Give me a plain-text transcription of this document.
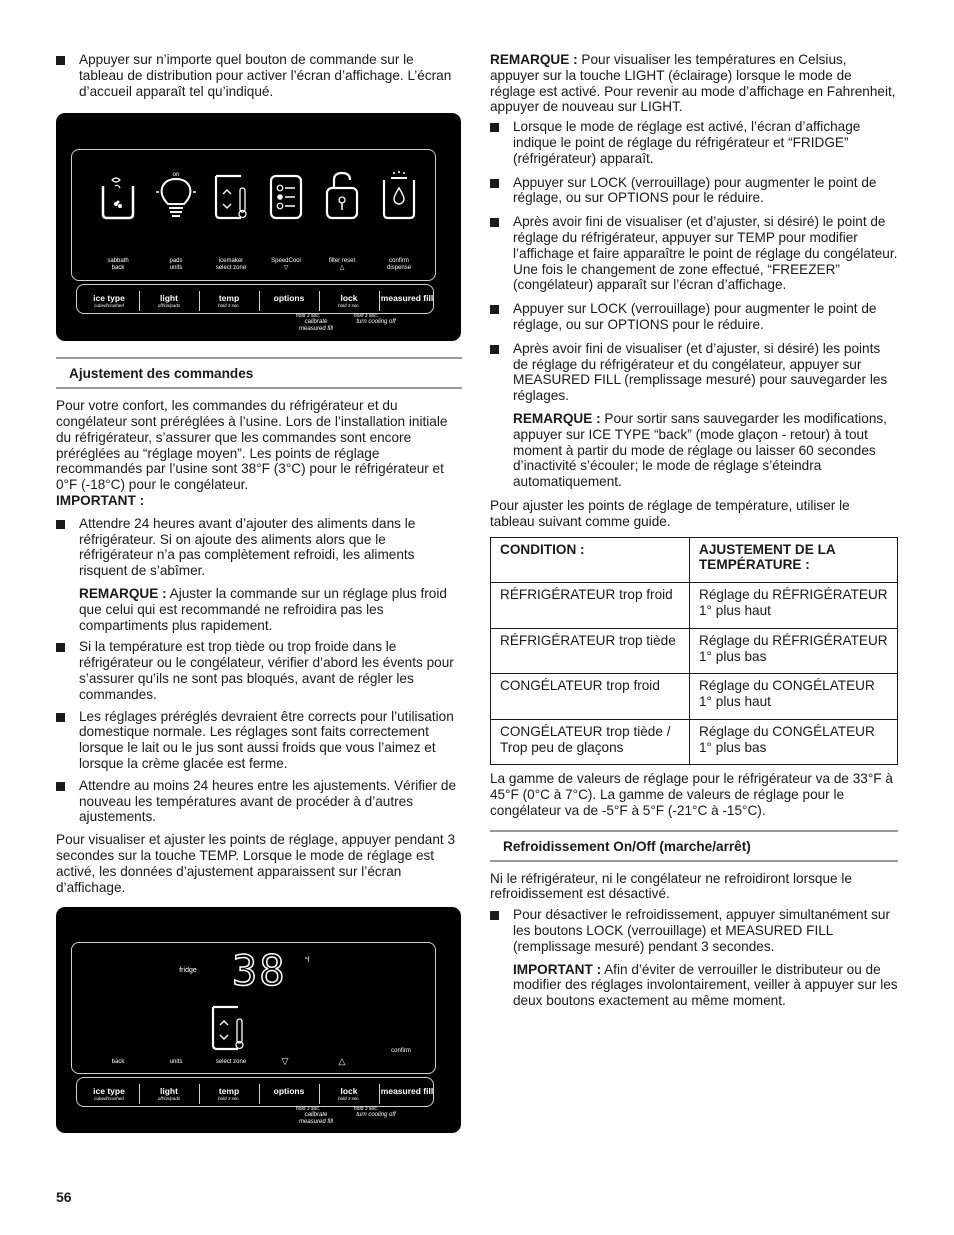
Appuyer sur n’importe quel bouton de commande sur le tableau de distribution pour activer l’écran d’affichage. L’écran d’accueil apparaît tel qu’indiqué.

on
sabbath
back
pads
units
icemaker
select zone
SpeedCool
▽
filter reset
△
confirm
dispense
ice type
cubed/crushed
light
off/on/pads
temp
hold 3 sec.
options	lock
hold 3 sec.
measured fill
hold 3 sec.
calibrate
measured fill
hold 3 sec.
turn cooling off
Ajustement des commandes

Pour votre confort, les commandes du réfrigérateur et du congélateur sont préréglées à l’usine. Lors de l’installation initiale du réfrigérateur, s’assurer que les commandes sont encore préréglées au “réglage moyen”. Les points de réglage recommandés par l’usine sont 38°F (3°C) pour le réfrigérateur et 0°F (-18°C) pour le congélateur.

IMPORTANT :

Attendre 24 heures avant d’ajouter des aliments dans le réfrigérateur. Si on ajoute des aliments alors que le réfrigérateur n’a pas complètement refroidi, les aliments risquent de s’abîmer.

REMARQUE : Ajuster la commande sur un réglage plus froid que celui qui est recommandé ne refroidira pas les compartiments plus rapidement.

Si la température est trop tiède ou trop froide dans le réfrigérateur ou le congélateur, vérifier d’abord les évents pour s’assurer qu’ils ne sont pas bloqués, avant de régler les commandes.

Les réglages préréglés devraient être corrects pour l’utilisation domestique normale. Les réglages sont faits correctement lorsque le lait ou le jus sont aussi froids que vous l’aimez et lorsque la crème glacée est ferme.

Attendre au moins 24 heures entre les ajustements. Vérifier de nouveau les températures avant de procéder à d’autres ajustements.

Pour visualiser et ajuster les points de réglage, appuyer pendant 3 secondes sur la touche TEMP. Lorsque le mode de réglage est activé, les données d’ajustement apparaissent sur l’écran d’affichage.

fridge 38	°f
back	units	select zone	▽	△
confirm
ice type
cubed/crushed
light
off/on/pads
temp
hold 3 sec.
options	lock
hold 3 sec.
measured fill
hold 3 sec.
calibrate
measured fill
hold 3 sec.
turn cooling off

REMARQUE : Pour visualiser les températures en Celsius, appuyer sur la touche LIGHT (éclairage) lorsque le mode de réglage est activé. Pour revenir au mode d’affichage en Fahrenheit, appuyer de nouveau sur LIGHT.

Lorsque le mode de réglage est activé, l’écran d’affichage indique le point de réglage du réfrigérateur et “FRIDGE” (réfrigérateur) apparaît.

Appuyer sur LOCK (verrouillage) pour augmenter le point de réglage, ou sur OPTIONS pour le réduire.

Après avoir fini de visualiser (et d’ajuster, si désiré) le point de réglage du réfrigérateur, appuyer sur TEMP pour modifier l’affichage et faire apparaître le point de réglage du congélateur. Une fois le changement de zone effectué, “FREEZER” (congélateur) apparaît sur l’écran d’affichage.

Appuyer sur LOCK (verrouillage) pour augmenter le point de réglage, ou sur OPTIONS pour le réduire.

Après avoir fini de visualiser (et d’ajuster, si désiré) les points de réglage du réfrigérateur et du congélateur, appuyer sur MEASURED FILL (remplissage mesuré) pour sauvegarder les réglages.

REMARQUE : Pour sortir sans sauvegarder les modifications, appuyer sur ICE TYPE “back” (mode glaçon - retour) à tout moment à partir du mode de réglage ou laisser 60 secondes d’inactivité s’écouler; le mode de réglage s’éteindra automatiquement.

Pour ajuster les points de réglage de température, utiliser le tableau suivant comme guide.

CONDITION :	AJUSTEMENT DE LA TEMPÉRATURE :
RÉFRIGÉRATEUR trop froid	Réglage du RÉFRIGÉRATEUR 1° plus haut
RÉFRIGÉRATEUR trop tiède	Réglage du RÉFRIGÉRATEUR 1° plus bas
CONGÉLATEUR trop froid	Réglage du CONGÉLATEUR 1° plus haut
CONGÉLATEUR trop tiède / Trop peu de glaçons	Réglage du CONGÉLATEUR 1° plus bas

La gamme de valeurs de réglage pour le réfrigérateur va de 33°F à 45°F (0°C à 7°C). La gamme de valeurs de réglage pour le congélateur va de -5°F à 5°F (-21°C à -15°C).

Refroidissement On/Off (marche/arrêt)

Ni le réfrigérateur, ni le congélateur ne refroidiront lorsque le refroidissement est désactivé.

Pour désactiver le refroidissement, appuyer simultanément sur les boutons LOCK (verrouillage) et MEASURED FILL (remplissage mesuré) pendant 3 secondes.

IMPORTANT : Afin d’éviter de verrouiller le distributeur ou de modifier des réglages involontairement, veiller à appuyer sur les deux boutons exactement au même moment.

56
